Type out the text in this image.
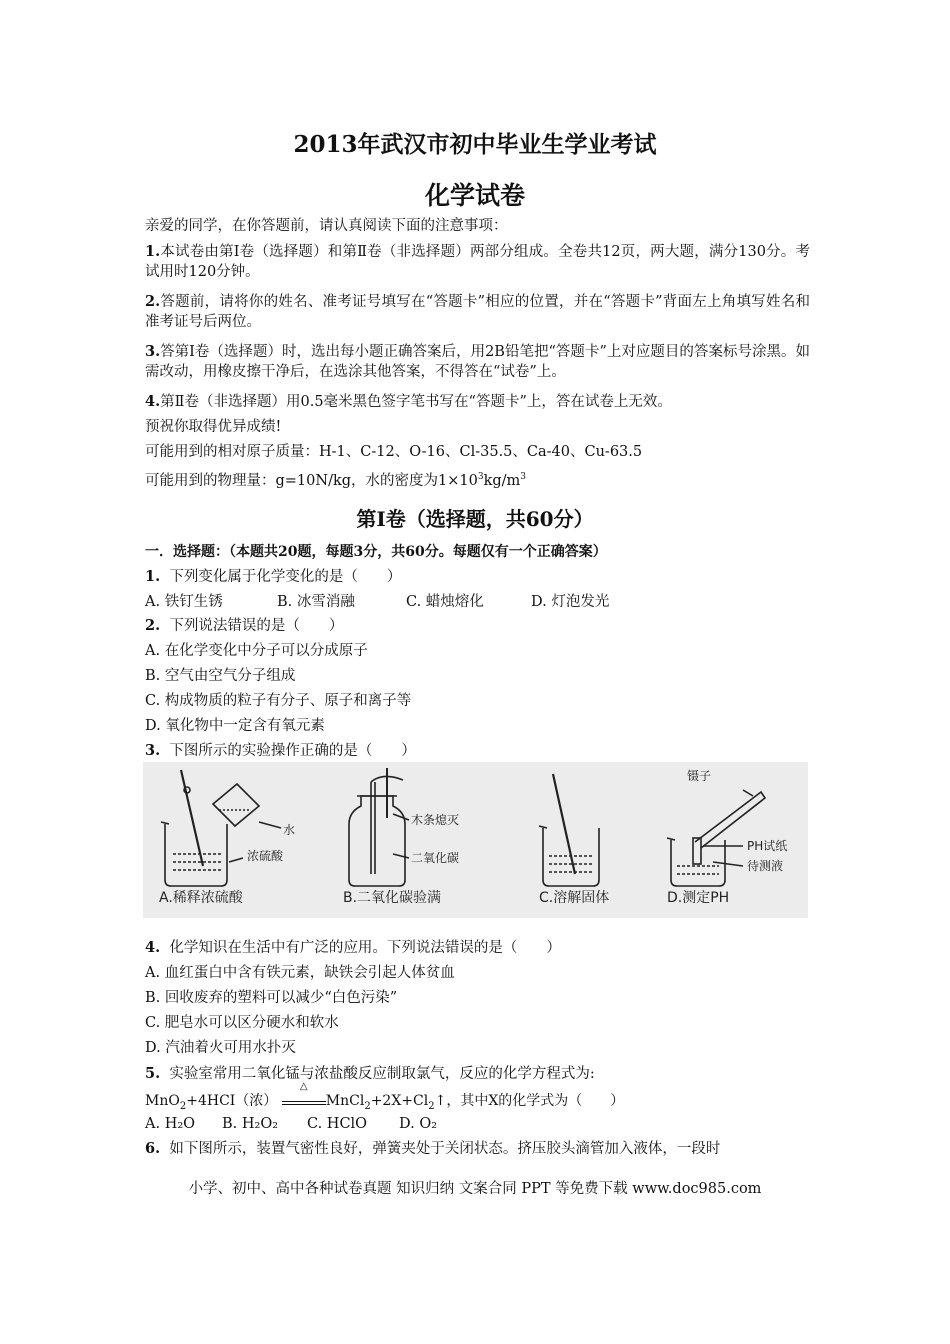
2013年武汉市初中毕业生学业考试
化学试卷
亲爱的同学，在你答题前，请认真阅读下面的注意事项：
1.本试卷由第Ⅰ卷（选择题）和第Ⅱ卷（非选择题）两部分组成。全卷共12页，两大题，满分130分。考试用时120分钟。
2.答题前，请将你的姓名、准考证号填写在“答题卡”相应的位置，并在“答题卡”背面左上角填写姓名和准考证号后两位。
3.答第Ⅰ卷（选择题）时，选出每小题正确答案后，用2B铅笔把“答题卡”上对应题目的答案标号涂黑。如需改动，用橡皮擦干净后，在选涂其他答案，不得答在“试卷”上。
4.第Ⅱ卷（非选择题）用0.5毫米黑色签字笔书写在“答题卡”上，答在试卷上无效。
预祝你取得优异成绩!
可能用到的相对原子质量：H-1、C-12、O-16、Cl-35.5、Ca-40、Cu-63.5
可能用到的物理量：g=10N/kg，水的密度为$1\times 10^3kg/m^3$
第Ⅰ卷（选择题，共60分）
一．选择题：（本题共20题，每题3分，共60分。每题仅有一个正确答案）
1. 下列变化属于化学变化的是（　　）
A. 铁钉生锈	B. 冰雪消融	C. 蜡烛熔化	D. 灯泡发光
2. 下列说法错误的是（　　）
A. 在化学变化中分子可以分成原子
B. 空气由空气分子组成
C. 构成物质的粒子有分子、原子和离子等
D. 氧化物中一定含有氧元素
3. 下图所示的实验操作正确的是（　　）
水
浓硫酸
A.稀释浓硫酸
木条熄灭
二氧化碳
B.二氧化碳验满	C.溶解固体
镊子
PH试纸
待测液
D.测定PH
4. 化学知识在生活中有广泛的应用。下列说法错误的是（　　）
A. 血红蛋白中含有铁元素，缺铁会引起人体贫血
B. 回收废弃的塑料可以减少“白色污染”
C. 肥皂水可以区分硬水和软水
D. 汽油着火可用水扑灭
5. 实验室常用二氧化锰与浓盐酸反应制取氯气，反应的化学方程式为:
MnO$_2$+4HCI（浓）
△
$MnCl_2+2X+Cl_2↑$，其中X的化学式为（　　）
A. H₂O B. H₂O₂ C. HClO D. O₂
6. 如下图所示，装置气密性良好，弹簧夹处于关闭状态。挤压胶头滴管加入液体，一段时
小学、初中、高中各种试卷真题 知识归纳 文案合同 PPT 等免费下载 www.doc985.com
